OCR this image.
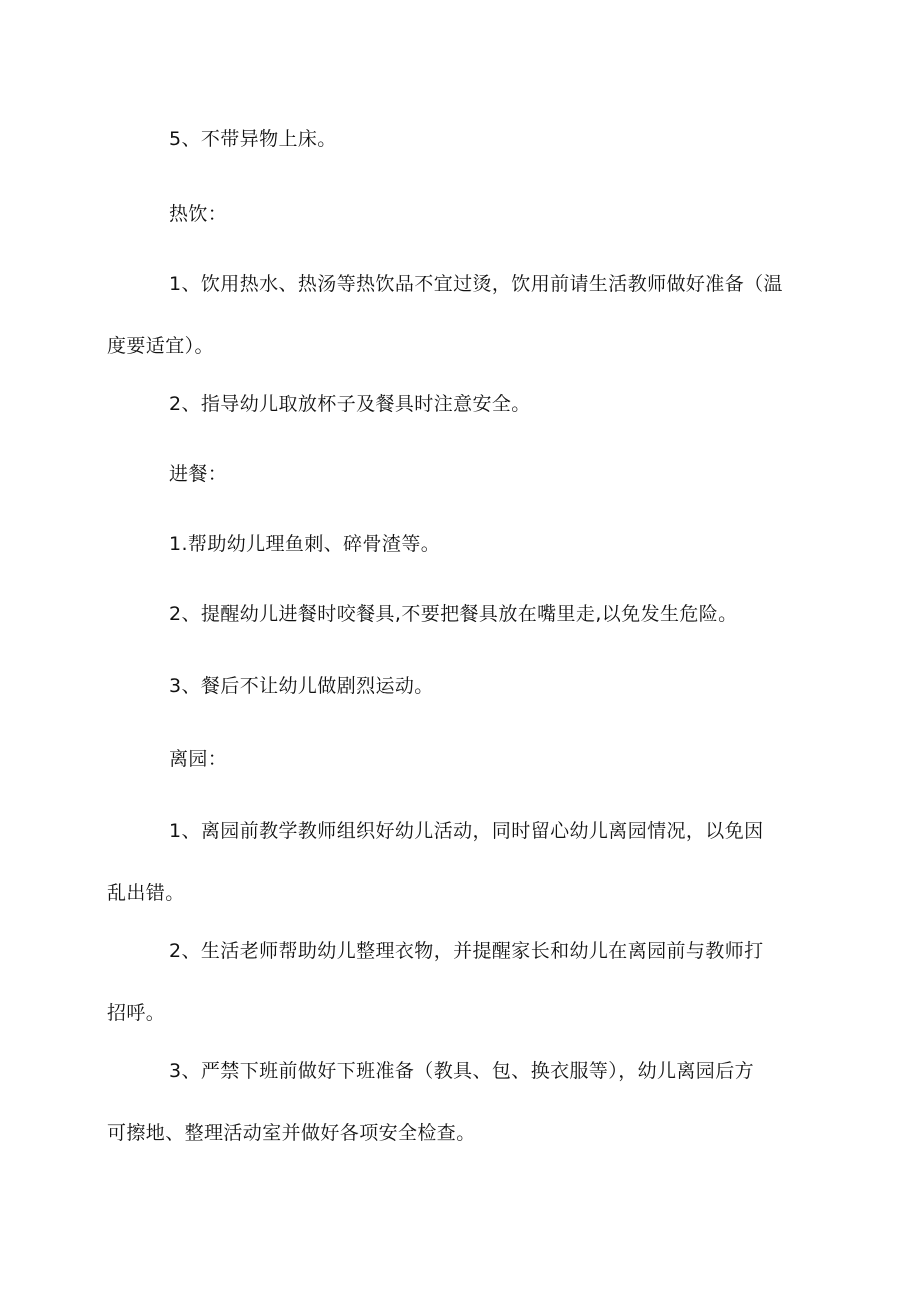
5、不带异物上床。

热饮：

1、饮用热水、热汤等热饮品不宜过烫，饮用前请生活教师做好准备（温
度要适宜）。

2、指导幼儿取放杯子及餐具时注意安全。

进餐：

1.帮助幼儿理鱼刺、碎骨渣等。

2、提醒幼儿进餐时咬餐具,不要把餐具放在嘴里走,以免发生危险。

3、餐后不让幼儿做剧烈运动。

离园：

1、离园前教学教师组织好幼儿活动，同时留心幼儿离园情况，以免因
乱出错。

2、生活老师帮助幼儿整理衣物，并提醒家长和幼儿在离园前与教师打
招呼。

3、严禁下班前做好下班准备（教具、包、换衣服等），幼儿离园后方
可擦地、整理活动室并做好各项安全检查。
